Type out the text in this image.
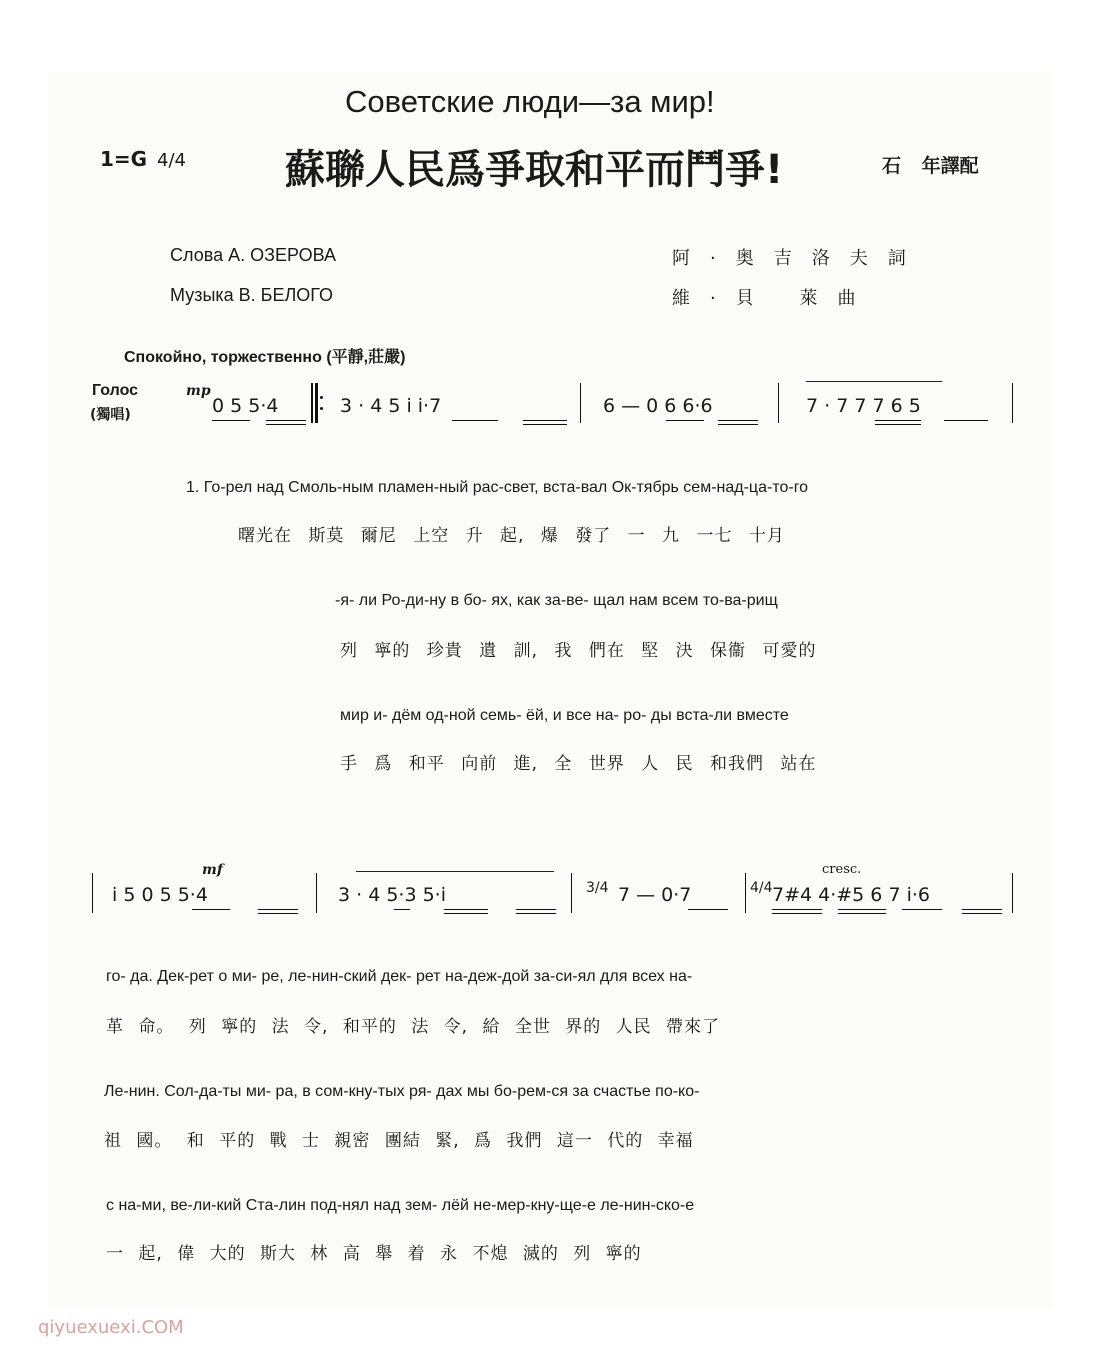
Советские люди—за мир!
1=G 4/4 蘇聯人民爲爭取和平而鬥爭!	石 年譯配
Слова А. ОЗЕРОВА
Музыка В. БЕЛОГО
阿·奥吉洛夫詞
維·貝 萊曲
Спокойно, торжественно (平靜,莊嚴)
Голос
(獨唱)
mp
0 5 5·4	3 · 4 5 i̇ i̇·7	6 — 0 6 6·6	7 · 7 7 7 6 5
1. Го-рел над Смоль-ным пламен-ный рас-свет, вста-вал Ок-тябрь сем-над-ца-то-го
曙光在 斯莫 爾尼 上空 升 起, 爆 發了 一 九 一七 十月
-я- ли Ро-ди-ну в бо- ях, как за-ве- щал нам всем то-ва-рищ
列 寧的 珍貴 遺 訓, 我 們在 堅 決 保衞 可愛的
мир и- дём од-ной семь- ёй, и все на- ро- ды вста-ли вместе
手 爲 和平 向前 進, 全 世界 人 民 和我們 站在
mf	cresc.
i̇ 5 0 5 5·4	3 · 4 5·3 5·i̇	3/4 7 — 0·7	4/4 7#4 4·#5 6 7 i̇·6
го- да. Дек-рет о ми- ре, ле-нин-ский дек- рет на-деж-дой за-си-ял для всех на-
革 命。 列 寧的 法 令, 和平的 法 令, 給 全世 界的 人民 帶來了
Ле-нин. Сол-да-ты ми- ра, в сом-кну-тых ря- дах мы бо-рем-ся за счастье по-ко-
祖 國。 和 平的 戰 士 親密 團結 緊, 爲 我們 這一 代的 幸福
с на-ми, ве-ли-кий Ста-лин под-нял над зем- лёй не-мер-кну-ще-е ле-нин-ско-е
一 起, 偉 大的 斯大 林 高 舉 着 永 不熄 滅的 列 寧的
qiyuexuexi.COM
